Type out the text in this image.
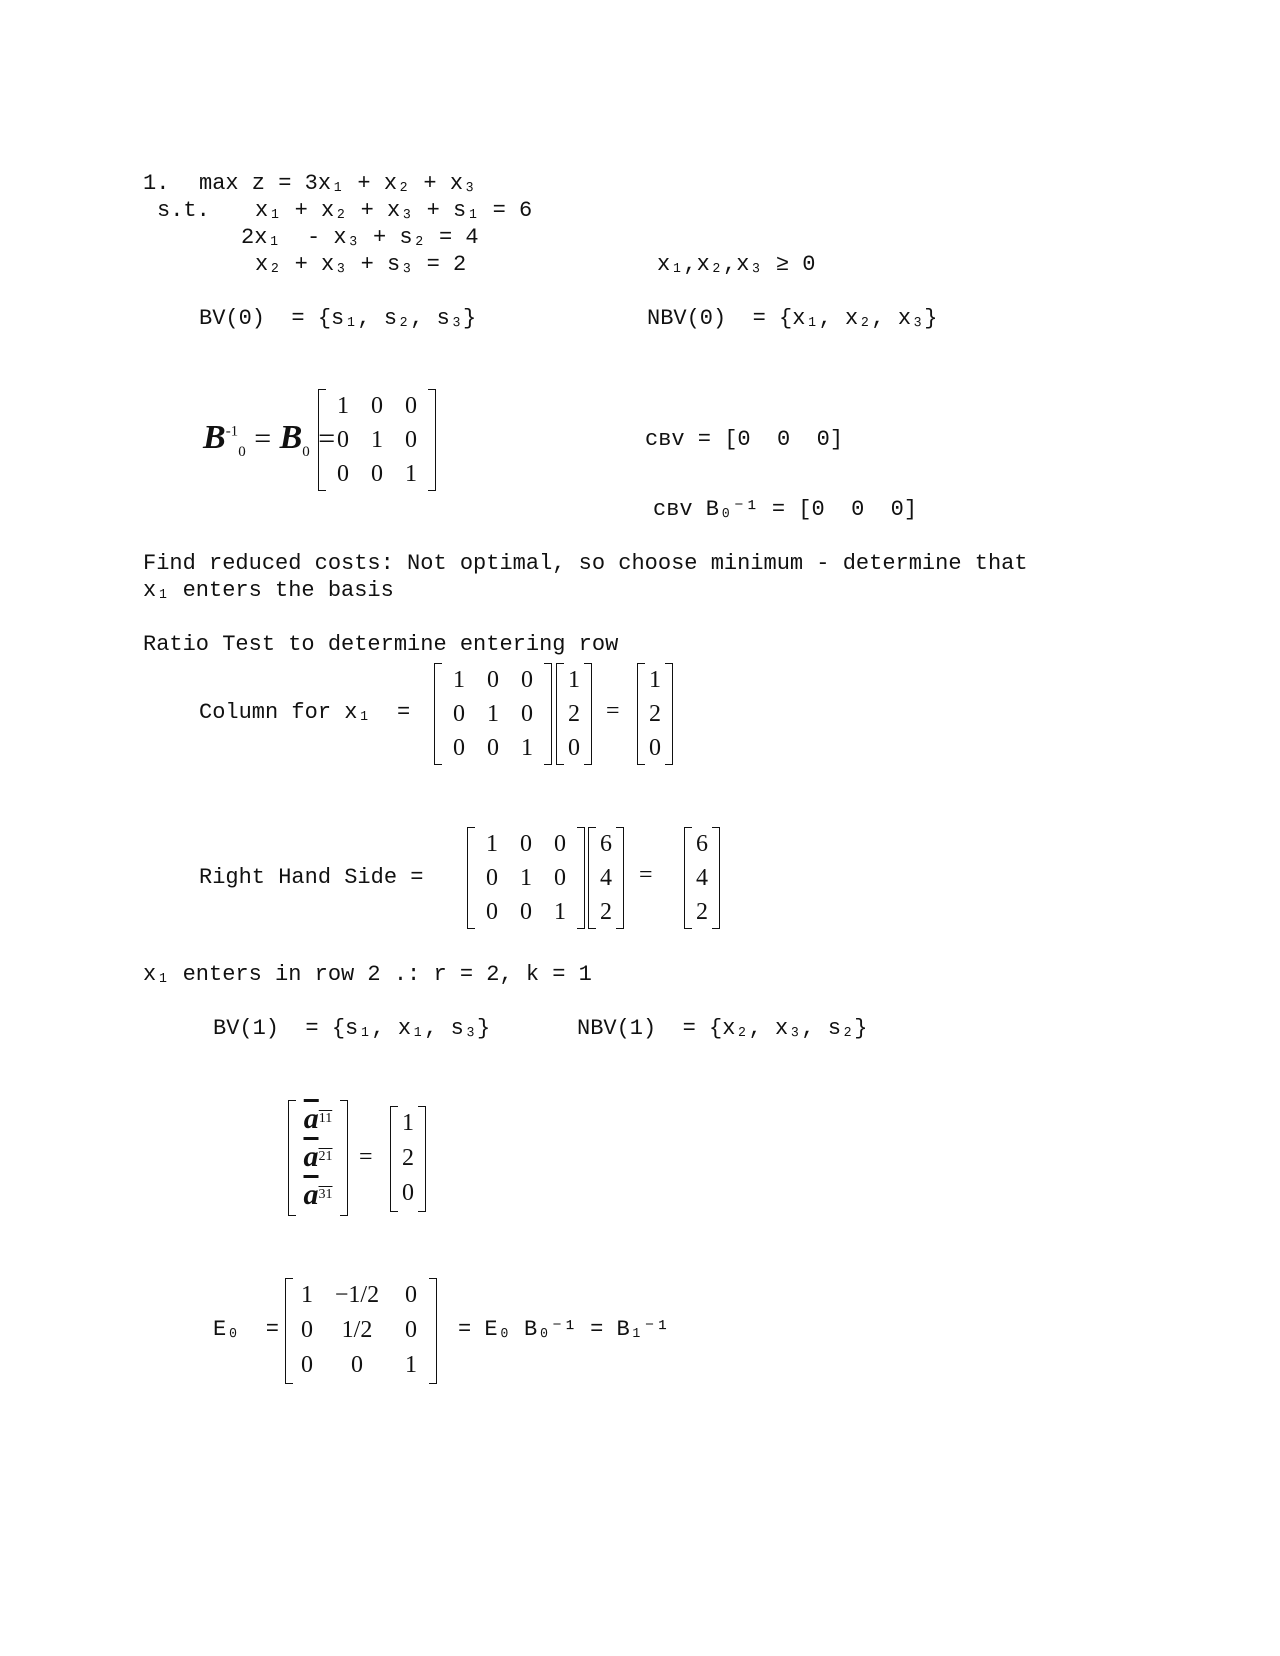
1. max z = 3x₁ + x₂ + x₃
s.t. x₁ + x₂ + x₃ + s₁ = 6
2x₁  - x₃ + s₂ = 4
x₂ + x₃ + s₃ = 2	x₁,x₂,x₃ ≥ 0
BV(0)  = {s₁, s₂, s₃}	NBV(0)  = {x₁, x₂, x₃}
$B^{-1}_0 = B_0$ =
1 0 0
0 1 0
0 0 1
cʙᴠ = [0  0  0]
cʙᴠ B₀⁻¹ = [0  0  0]
Find reduced costs: Not optimal, so choose minimum - determine that
x₁ enters the basis
Ratio Test to determine entering row
Column for x₁  =
1 0 0
0 1 0
0 0 1
1
2
0
=
1
2
0
Right Hand Side =
1 0 0
0 1 0
0 0 1
6
4
2
=
6
4
2
x₁ enters in row 2 .: r = 2, k = 1
BV(1)  = {s₁, x₁, s₃}	NBV(1)  = {x₂, x₃, s₂}
a 11
a 21
a 31
=
1
2
0
E₀  =
1 −1/2	0
0	1/2	0
0	0	1
= E₀ B₀⁻¹ = B₁⁻¹
